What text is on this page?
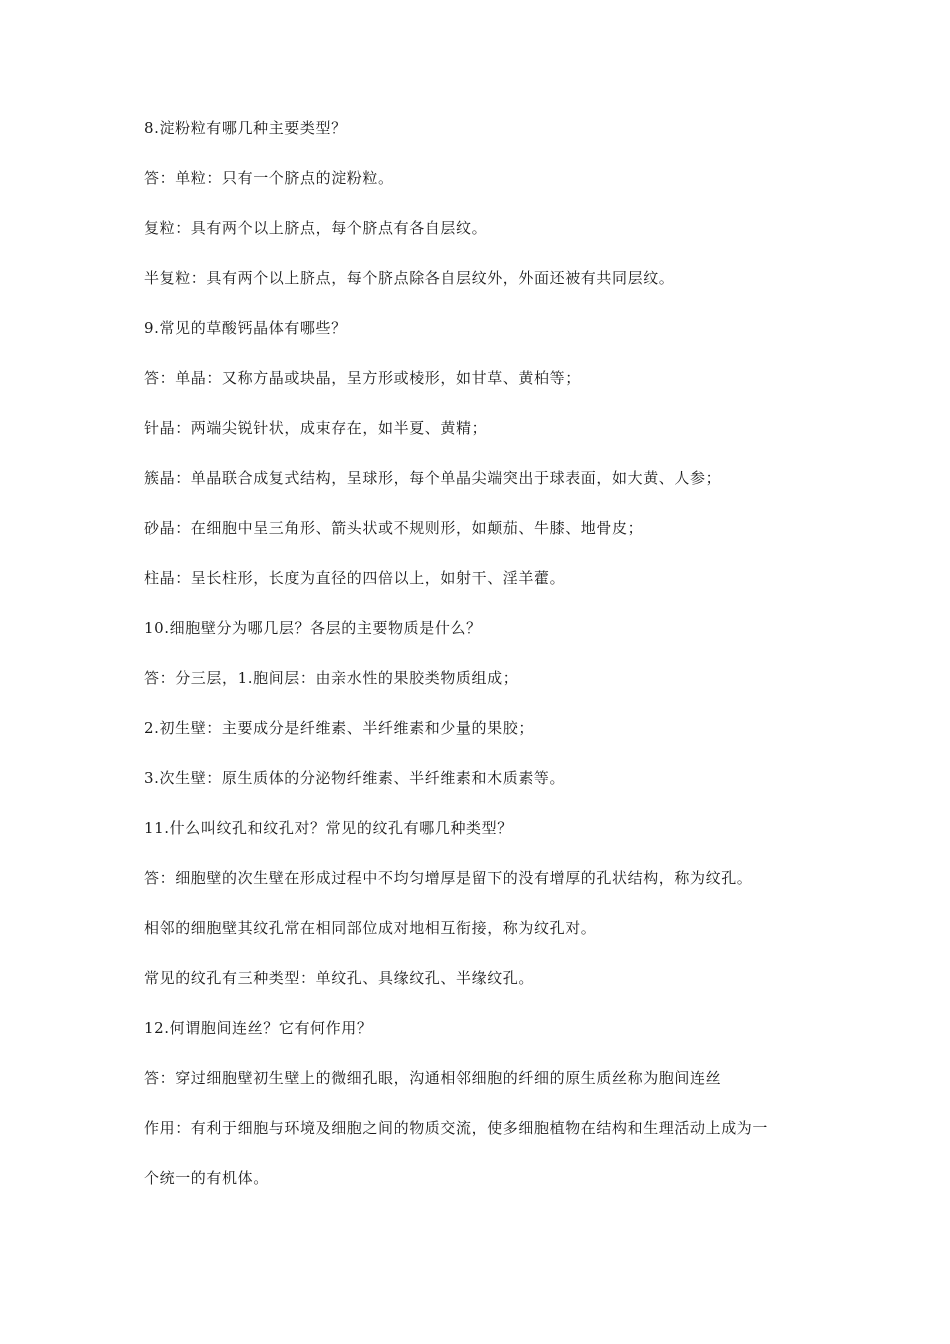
8.淀粉粒有哪几种主要类型？
答：单粒：只有一个脐点的淀粉粒。
复粒：具有两个以上脐点，每个脐点有各自层纹。
半复粒：具有两个以上脐点，每个脐点除各自层纹外，外面还被有共同层纹。
9.常见的草酸钙晶体有哪些？
答：单晶：又称方晶或块晶，呈方形或棱形，如甘草、黄柏等；
针晶：两端尖锐针状，成束存在，如半夏、黄精；
簇晶：单晶联合成复式结构，呈球形，每个单晶尖端突出于球表面，如大黄、人参；
砂晶：在细胞中呈三角形、箭头状或不规则形，如颠茄、牛膝、地骨皮；
柱晶：呈长柱形，长度为直径的四倍以上，如射干、淫羊藿。
10.细胞壁分为哪几层？各层的主要物质是什么？
答：分三层，1.胞间层：由亲水性的果胶类物质组成；
2.初生壁：主要成分是纤维素、半纤维素和少量的果胶；
3.次生壁：原生质体的分泌物纤维素、半纤维素和木质素等。
11.什么叫纹孔和纹孔对？常见的纹孔有哪几种类型？
答：细胞壁的次生壁在形成过程中不均匀增厚是留下的没有增厚的孔状结构，称为纹孔。
相邻的细胞壁其纹孔常在相同部位成对地相互衔接，称为纹孔对。
常见的纹孔有三种类型：单纹孔、具缘纹孔、半缘纹孔。
12.何谓胞间连丝？它有何作用？
答：穿过细胞壁初生壁上的微细孔眼，沟通相邻细胞的纤细的原生质丝称为胞间连丝
作用：有利于细胞与环境及细胞之间的物质交流，使多细胞植物在结构和生理活动上成为一
个统一的有机体。
